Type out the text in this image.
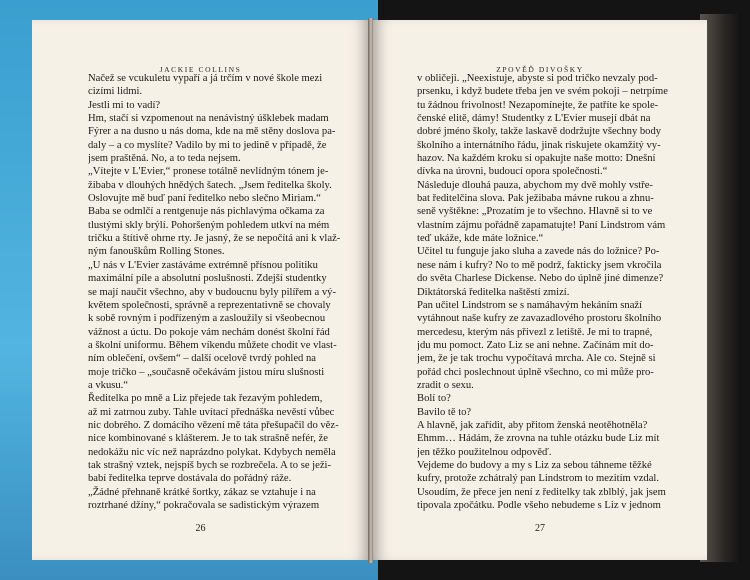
JACKIE COLLINS
Načež se vcukuletu vypaří a já trčím v nové škole mezi
cizími lidmi.
Jestli mi to vadí?
Hm, stačí si vzpomenout na nenávistný úšklebek madam
Fýrer a na dusno u nás doma, kde na mě stěny doslova pa-
daly – a co myslíte? Vadilo by mi to jedině v případě, že
jsem praštěná. No, a to teda nejsem.
„Vítejte v L'Evier,“ pronese totálně nevlídným tónem je-
žibaba v dlouhých hnědých šatech. „Jsem ředitelka školy.
Oslovujte mě buď paní ředitelko nebo slečno Miriam.“
Baba se odmlčí a rentgenuje nás pichlavýma očkama za
tlustými skly brýlí. Pohoršeným pohledem utkví na mém
tričku a štítivě ohrne rty. Je jasný, že se nepočítá ani k vlaž-
ným fanouškům Rolling Stones.
„U nás v L'Evier zastáváme extrémně přísnou politiku
maximální píle a absolutní poslušnosti. Zdejší studentky
se mají naučit všechno, aby v budoucnu byly pilířem a vý-
květem společnosti, správně a reprezentativně se chovaly
k sobě rovným i podřízeným a zasloužily si všeobecnou
vážnost a úctu. Do pokoje vám nechám donést školní řád
a školní uniformu. Během víkendu můžete chodit ve vlast-
ním oblečení, ovšem“ – další ocelově tvrdý pohled na
moje tričko – „současně očekávám jistou míru slušnosti
a vkusu.“
Ředitelka po mně a Liz přejede tak řezavým pohledem,
až mi zatrnou zuby. Tahle uvítací přednáška nevěstí vůbec
nic dobrého. Z domácího vězení mě táta přešupačil do věz-
nice kombinované s klášterem. Je to tak strašně nefér, že
nedokážu nic víc než naprázdno polykat. Kdybych neměla
tak strašný vztek, nejspíš bych se rozbrečela. A to se ježi-
babí ředitelka teprve dostávala do pořádný ráže.
„Žádné přehnaně krátké šortky, zákaz se vztahuje i na
roztrhané džíny,“ pokračovala se sadistickým výrazem
26
ZPOVĚĎ DIVOŠKY
v obličeji. „Neexistuje, abyste si pod tričko nevzaly pod-
prsenku, i když budete třeba jen ve svém pokoji – netrpíme
tu žádnou frivolnost! Nezapomínejte, že patříte ke spole-
čenské elitě, dámy! Studentky z L'Evier musejí dbát na
dobré jméno školy, takže laskavě dodržujte všechny body
školního a internátního řádu, jinak riskujete okamžitý vy-
hazov. Na každém kroku si opakujte naše motto: Dnešní
dívka na úrovni, budoucí opora společnosti.“
Následuje dlouhá pauza, abychom my dvě mohly vstře-
bat ředitelčina slova. Pak ježibaba mávne rukou a zhnu-
seně vyštěkne: „Prozatím je to všechno. Hlavně si to ve
vlastním zájmu pořádně zapamatujte! Paní Lindstrom vám
teď ukáže, kde máte ložnice.“
Učitel tu funguje jako sluha a zavede nás do ložnice? Po-
nese nám i kufry? No to mě podrž, fakticky jsem vkročila
do světa Charlese Dickense. Nebo do úplně jiné dimenze?
Diktátorská ředitelka naštěstí zmizí.
Pan učitel Lindstrom se s namáhavým hekáním snaží
vytáhnout naše kufry ze zavazadlového prostoru školního
mercedesu, kterým nás přivezl z letiště. Je mi to trapné,
jdu mu pomoct. Zato Liz se ani nehne. Začínám mít do-
jem, že je tak trochu vypočítavá mrcha. Ale co. Stejně si
pořád chci poslechnout úplně všechno, co mi může pro-
zradit o sexu.
Bolí to?
Bavilo tě to?
A hlavně, jak zařídit, aby přitom ženská neotěhotněla?
Ehmm… Hádám, že zrovna na tuhle otázku bude Liz mít
jen těžko použitelnou odpověď.
Vejdeme do budovy a my s Liz za sebou táhneme těžké
kufry, protože zchátralý pan Lindstrom to mezitím vzdal.
Usoudím, že přece jen není z ředitelky tak zblblý, jak jsem
tipovala zpočátku. Podle všeho nebudeme s Liz v jednom
27
